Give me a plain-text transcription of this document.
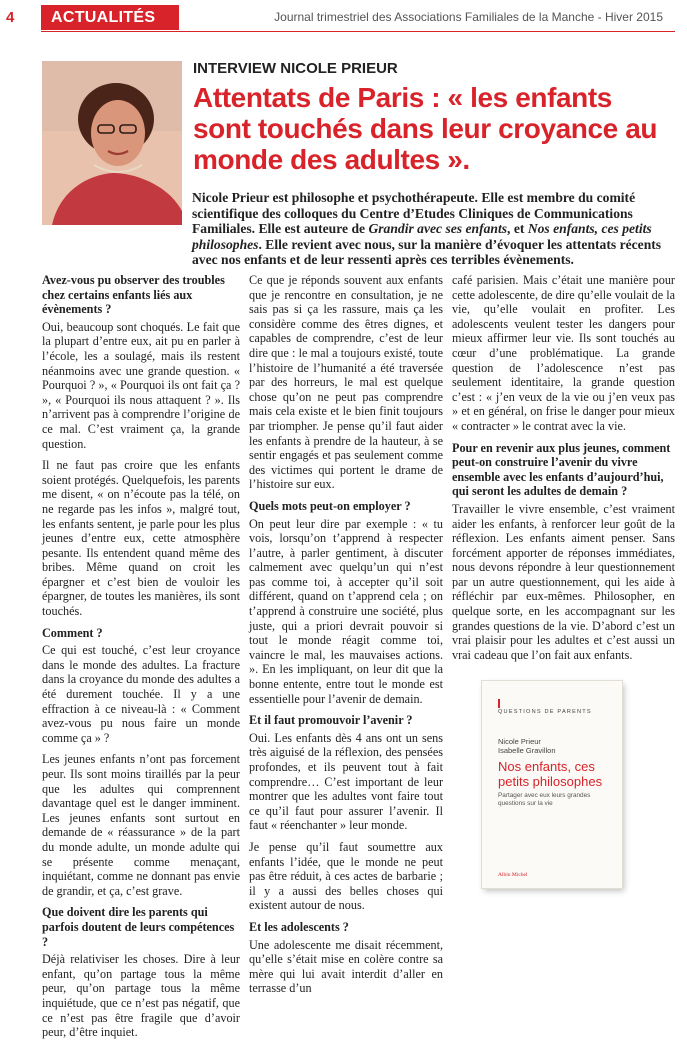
4	ACTUALITÉS	Journal trimestriel des Associations Familiales de la Manche - Hiver 2015
INTERVIEW NICOLE PRIEUR
Attentats de Paris : « les enfants sont touchés dans leur croyance au monde des adultes ».

Nicole Prieur est philosophe et psychothérapeute. Elle est membre du comité scientifique des colloques du Centre d’Etudes Cliniques de Communications Familiales. Elle est auteure de Grandir avec ses enfants, et Nos enfants, ces petits philosophes. Elle revient avec nous, sur la manière d’évoquer les attentats récents avec nos enfants et de leur ressenti après ces terribles évènements.

Avez-vous pu observer des troubles chez certains enfants liés aux évènements ?

Oui, beaucoup sont choqués. Le fait que la plupart d’entre eux, ait pu en parler à l’école, les a soulagé, mais ils restent néanmoins avec une grande question. « Pourquoi ? », « Pourquoi ils ont fait ça ? », « Pourquoi ils nous attaquent ? ». Ils n’arrivent pas à comprendre l’origine de ce mal. C’est vraiment ça, la grande question.

Il ne faut pas croire que les enfants soient protégés. Quelquefois, les parents me disent, « on n’écoute pas la télé, on ne regarde pas les infos », malgré tout, les enfants sentent, je parle pour les plus jeunes d’entre eux, cette atmosphère pesante. Ils entendent quand même des bribes. Même quand on croit les épargner et c’est bien de vouloir les épargner, de toutes les manières, ils sont touchés.

Comment ?

Ce qui est touché, c’est leur croyance dans le monde des adultes. La fracture dans la croyance du monde des adultes a été durement touchée. Il y a une effraction à ce niveau-là : « Comment avez-vous pu nous faire un monde comme ça » ?

Les jeunes enfants n’ont pas forcement peur. Ils sont moins tiraillés par la peur que les adultes qui comprennent davantage quel est le danger imminent. Les jeunes enfants sont surtout en demande de « réassurance » de la part du monde adulte, un monde adulte qui se présente comme menaçant, inquiétant, comme ne donnant pas envie de grandir, et ça, c’est grave.

Que doivent dire les parents qui parfois doutent de leurs compétences ?

Déjà relativiser les choses. Dire à leur enfant, qu’on partage tous la même peur, qu’on partage tous la même inquiétude, que ce n’est pas négatif, que ce n’est pas être fragile que d’avoir peur, d’être inquiet.

Ce que je réponds souvent aux enfants que je rencontre en consultation, je ne sais pas si ça les rassure, mais ça les considère comme des êtres dignes, et capables de comprendre, c’est de leur dire que : le mal a toujours existé, toute l’histoire de l’humanité a été traversée par des horreurs, le mal est quelque chose qu’on ne peut pas comprendre mais cela existe et le bien finit toujours par triompher. Je pense qu’il faut aider les enfants à prendre de la hauteur, à se sentir engagés et pas seulement comme des victimes qui portent le drame de l’histoire sur eux.

Quels mots peut-on employer ?

On peut leur dire par exemple : « tu vois, lorsqu’on t’apprend à respecter l’autre, à parler gentiment, à discuter calmement avec quelqu’un qui n’est pas comme toi, à accepter qu’il soit différent, quand on t’apprend cela ; on t’apprend à construire une société, plus juste, qui a priori devrait pouvoir si tout le monde réagit comme toi, vaincre le mal, les mauvaises actions. ». En les impliquant, on leur dit que la bonne entente, entre tout le monde est essentielle pour l’avenir de demain.

Et il faut promouvoir l’avenir ?

Oui. Les enfants dès 4 ans ont un sens très aiguisé de la réflexion, des pensées profondes, et ils peuvent tout à fait comprendre… C’est important de leur montrer que les adultes vont faire tout ce qu’il faut pour assurer l’avenir. Il faut « réenchanter » leur monde.

Je pense qu’il faut soumettre aux enfants l’idée, que le monde ne peut pas être réduit, à ces actes de barbarie ; il y a aussi des belles choses qui existent autour de nous.

Et les adolescents ?

Une adolescente me disait récemment, qu’elle s’était mise en colère contre sa mère qui lui avait interdit d’aller en terrasse d’un

café parisien. Mais c’était une manière pour cette adolescente, de dire qu’elle voulait de la vie, qu’elle voulait en profiter. Les adolescents veulent tester les dangers pour mieux affirmer leur vie. Ils sont touchés au cœur d’une problématique. La grande question de l’adolescence n’est pas seulement identitaire, la grande question c’est : « j’en veux de la vie ou j’en veux pas » et en général, on frise le danger pour mieux « contracter » le contrat avec la vie.

Pour en revenir aux plus jeunes, comment peut-on construire l’avenir du vivre ensemble avec les enfants d’aujourd’hui, qui seront les adultes de demain ?

Travailler le vivre ensemble, c’est vraiment aider les enfants, à renforcer leur goût de la réflexion. Les enfants aiment penser. Sans forcément apporter de réponses immédiates, nous devons répondre à leur questionnement par un autre questionnement, qui les aide à réfléchir par eux-mêmes. Philosopher, en quelque sorte, en les accompagnant sur les grandes questions de la vie. D’abord c’est un vrai plaisir pour les adultes et c’est aussi un vrai cadeau que l’on fait aux enfants.

QUESTIONS DE PARENTS
Nicole Prieur
Isabelle Gravillon
Nos enfants, ces petits philosophes
Partager avec eux leurs grandes questions sur la vie
Albin Michel
